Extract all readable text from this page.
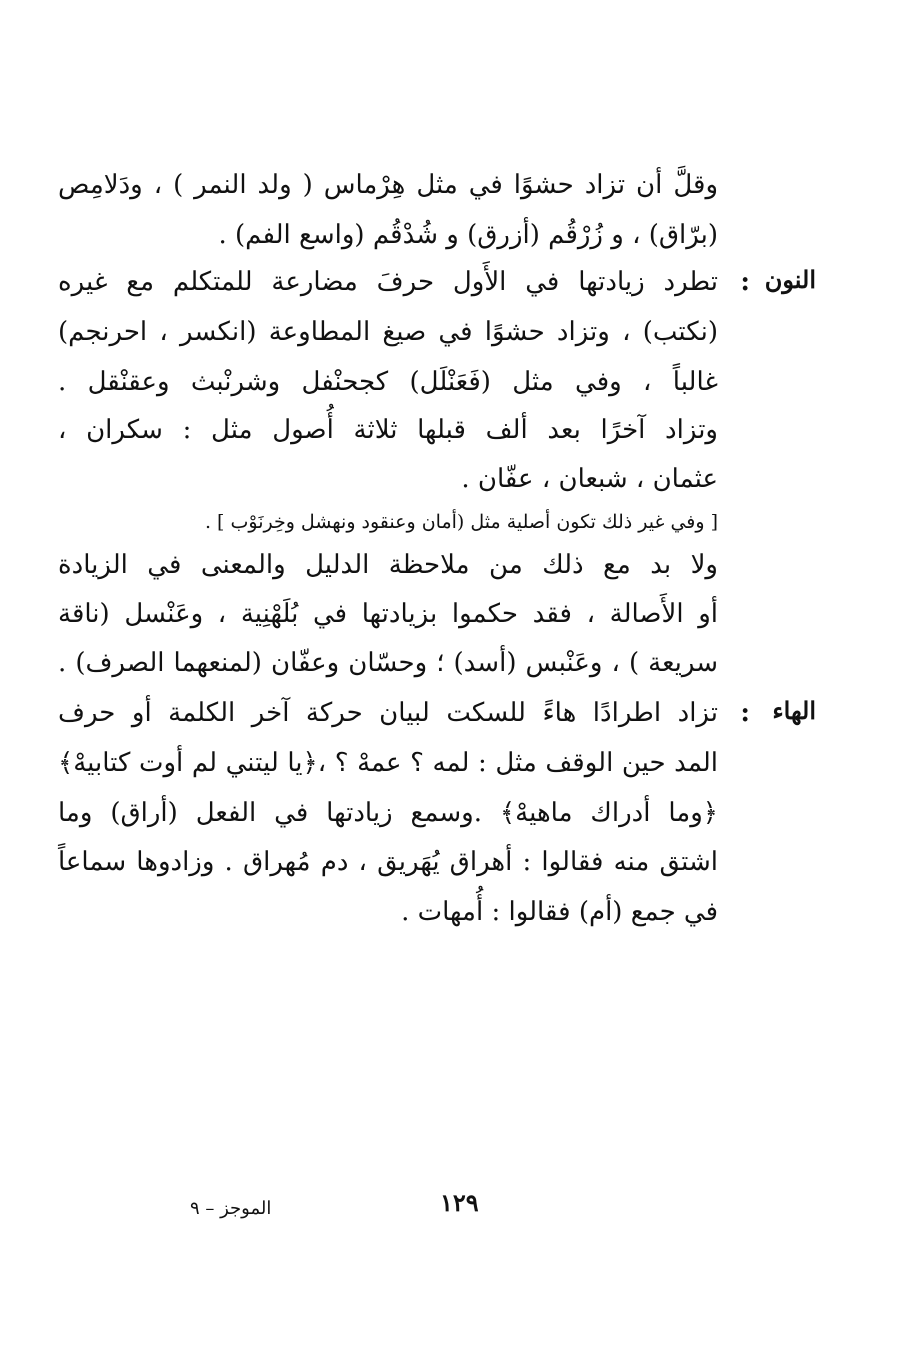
وقلَّ أن تزاد حشوًا في مثل هِرْماس ( ولد النمر ) ، ودَلامِص
(برّاق) ، و زُرْقُم (أزرق) و شُدْقُم (واسع الفم) .
النون
:
تطرد زيادتها في الأَول حرفَ مضارعة للمتكلم مع غيره
(نكتب) ، وتزاد حشوًا في صيغ المطاوعة (انكسر ، احرنجم)
غالباً ، وفي مثل (فَعَنْلَل) كجحنْفل وشرنْبث وعقنْقل .
وتزاد آخرًا بعد ألف قبلها ثلاثة أُصول مثل : سكران ،
عثمان ، شبعان ، عفّان .
[ وفي غير ذلك تكون أصلية مثل (أمان وعنقود ونهشل وخِرنَوْب ] .
ولا بد مع ذلك من ملاحظة الدليل والمعنى في الزيادة
أو الأَصالة ، فقد حكموا بزيادتها في بُلَهْنِية ، وعَنْسل (ناقة
سريعة ) ، وعَنْبس (أسد) ؛ وحسّان وعفّان (لمنعهما الصرف) .
الهاء
:
تزاد اطرادًا هاءً للسكت لبيان حركة آخر الكلمة أو حرف
المد حين الوقف مثل : لمه ؟ عمهْ ؟ ،﴿يا ليتني لم أوت كتابيهْ﴾
﴿وما أدراك ماهيهْ﴾ .وسمع زيادتها في الفعل (أراق) وما
اشتق منه فقالوا : أهراق يُهَريق ، دم مُهراق . وزادوها سماعاً
في جمع (أم) فقالوا : أُمهات .
١٢٩
الموجز – ٩
